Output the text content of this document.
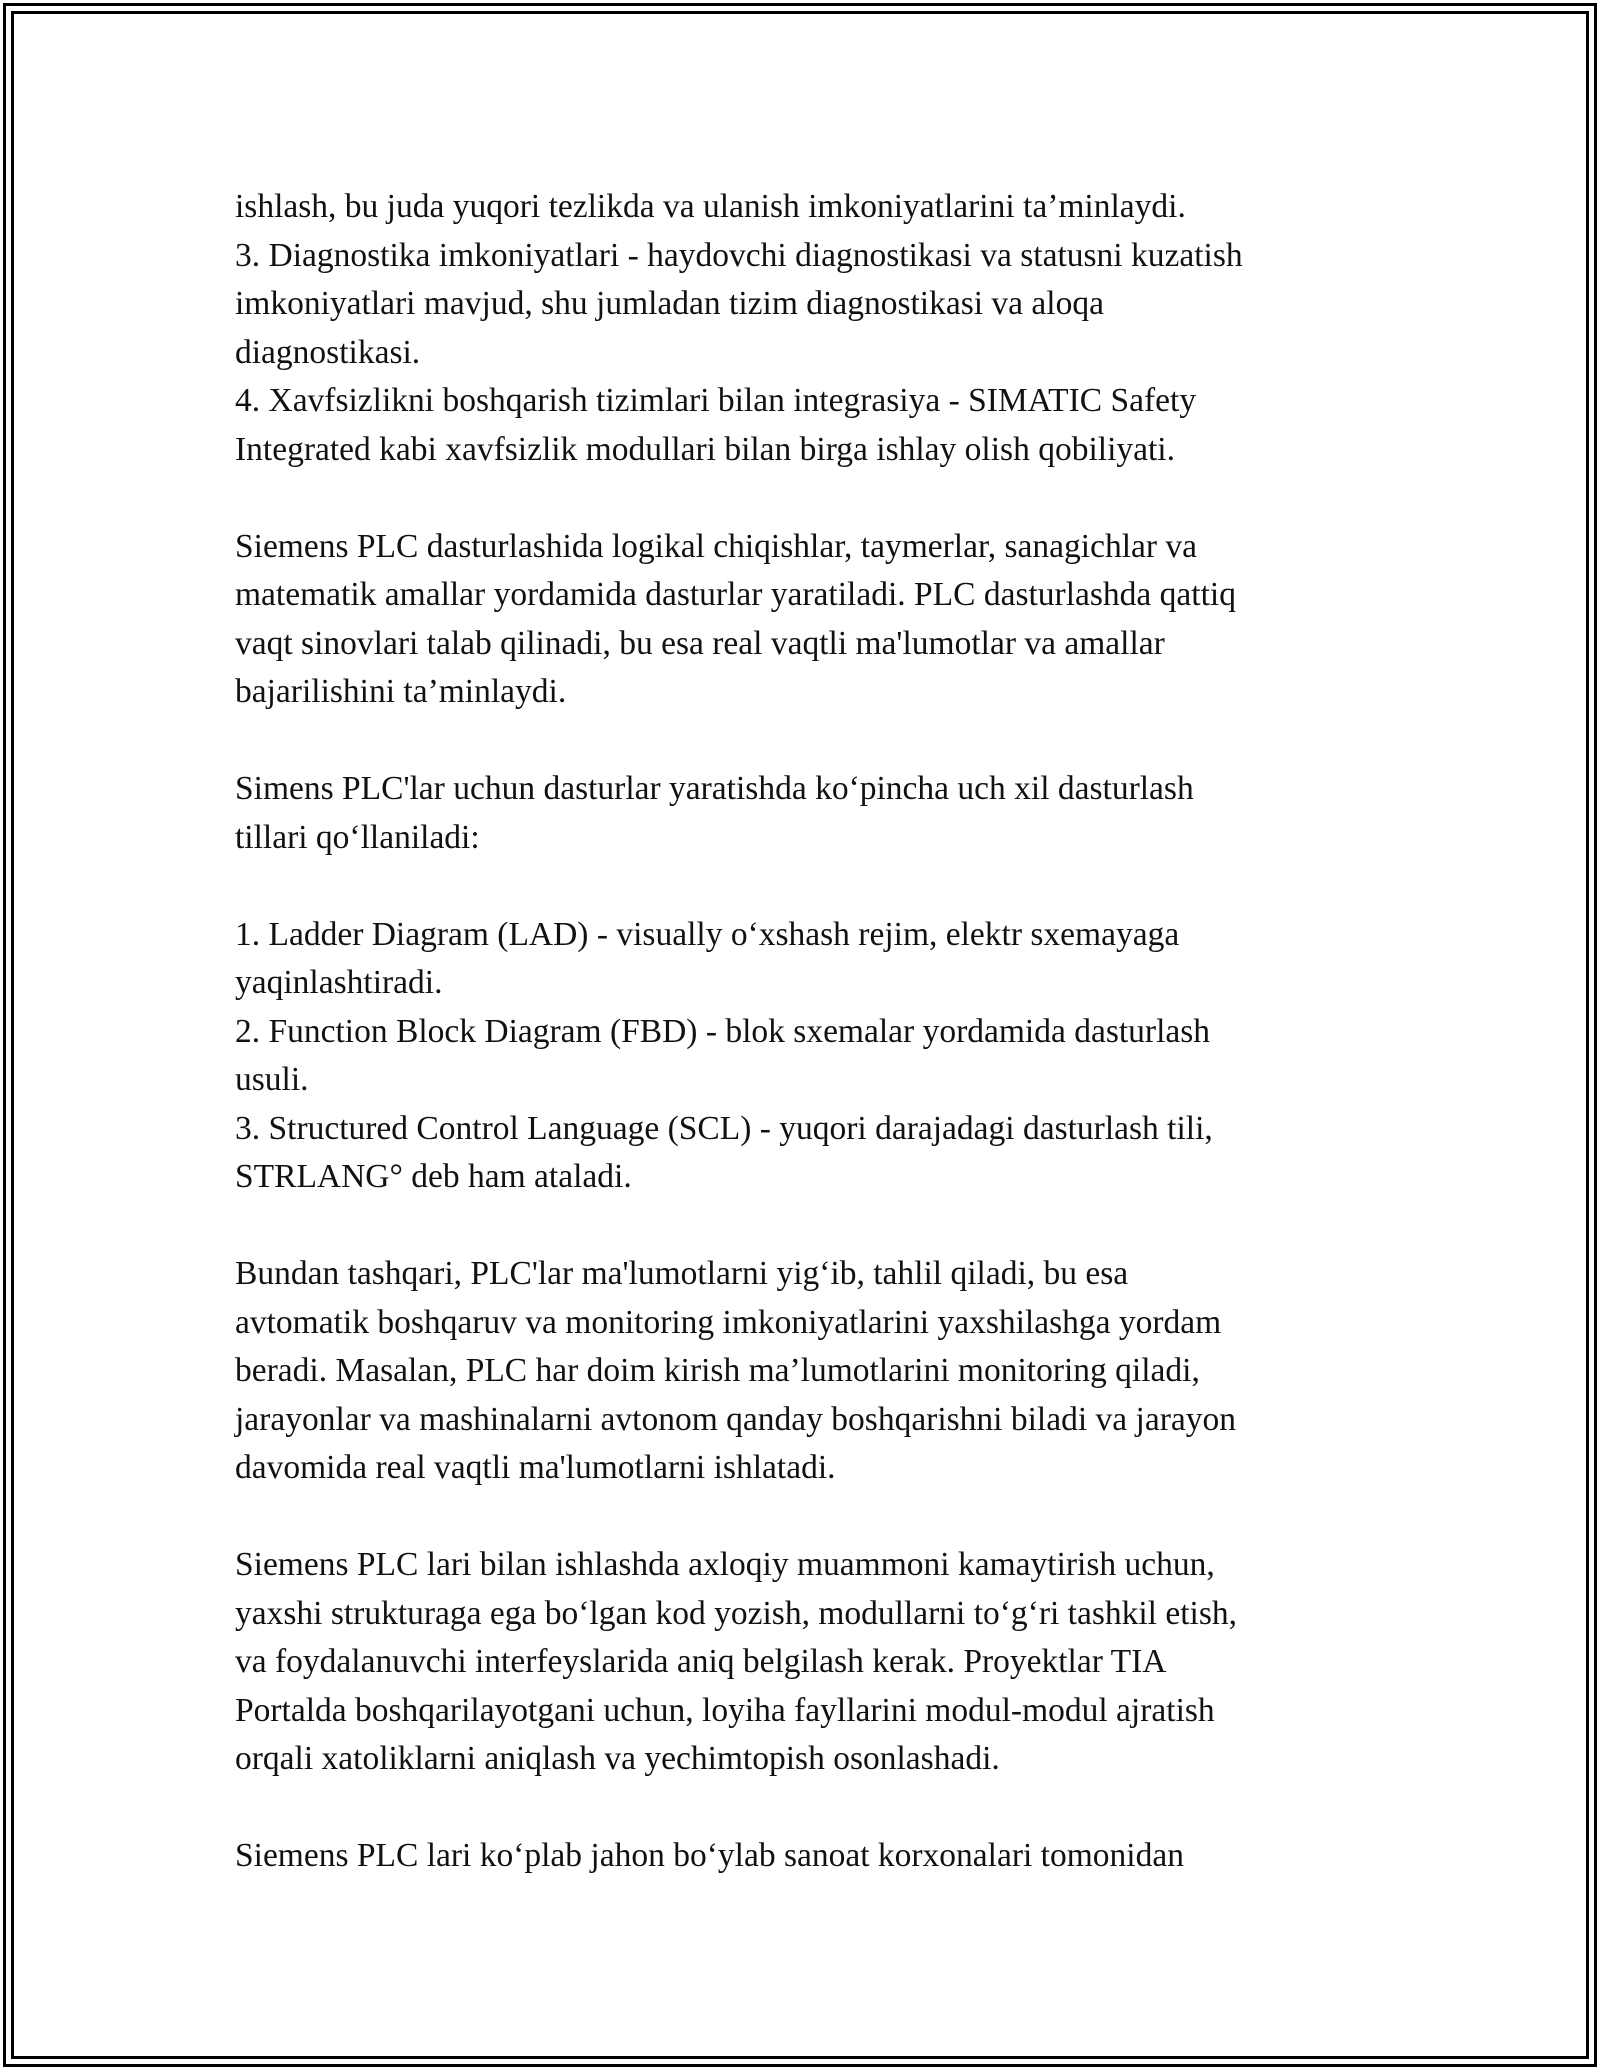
ishlash, bu juda yuqori tezlikda va ulanish imkoniyatlarini ta’minlaydi.
3. Diagnostika imkoniyatlari - haydovchi diagnostikasi va statusni kuzatish
imkoniyatlari mavjud, shu jumladan tizim diagnostikasi va aloqa
diagnostikasi.
4. Xavfsizlikni boshqarish tizimlari bilan integrasiya - SIMATIC Safety
Integrated kabi xavfsizlik modullari bilan birga ishlay olish qobiliyati.
Siemens PLC dasturlashida logikal chiqishlar, taymerlar, sanagichlar va
matematik amallar yordamida dasturlar yaratiladi. PLC dasturlashda qattiq
vaqt sinovlari talab qilinadi, bu esa real vaqtli ma'lumotlar va amallar
bajarilishini ta’minlaydi.
Simens PLC'lar uchun dasturlar yaratishda ko‘pincha uch xil dasturlash
tillari qo‘llaniladi:
1. Ladder Diagram (LAD) - visually o‘xshash rejim, elektr sxemayaga
yaqinlashtiradi.
2. Function Block Diagram (FBD) - blok sxemalar yordamida dasturlash
usuli.
3. Structured Control Language (SCL) - yuqori darajadagi dasturlash tili,
STRLANG° deb ham ataladi.
Bundan tashqari, PLC'lar ma'lumotlarni yig‘ib, tahlil qiladi, bu esa
avtomatik boshqaruv va monitoring imkoniyatlarini yaxshilashga yordam
beradi. Masalan, PLC har doim kirish ma’lumotlarini monitoring qiladi,
jarayonlar va mashinalarni avtonom qanday boshqarishni biladi va jarayon
davomida real vaqtli ma'lumotlarni ishlatadi.
Siemens PLC lari bilan ishlashda axloqiy muammoni kamaytirish uchun,
yaxshi strukturaga ega bo‘lgan kod yozish, modullarni to‘g‘ri tashkil etish,
va foydalanuvchi interfeyslarida aniq belgilash kerak. Proyektlar TIA
Portalda boshqarilayotgani uchun, loyiha fayllarini modul-modul ajratish
orqali xatoliklarni aniqlash va yechimtopish osonlashadi.
Siemens PLC lari ko‘plab jahon bo‘ylab sanoat korxonalari tomonidan
